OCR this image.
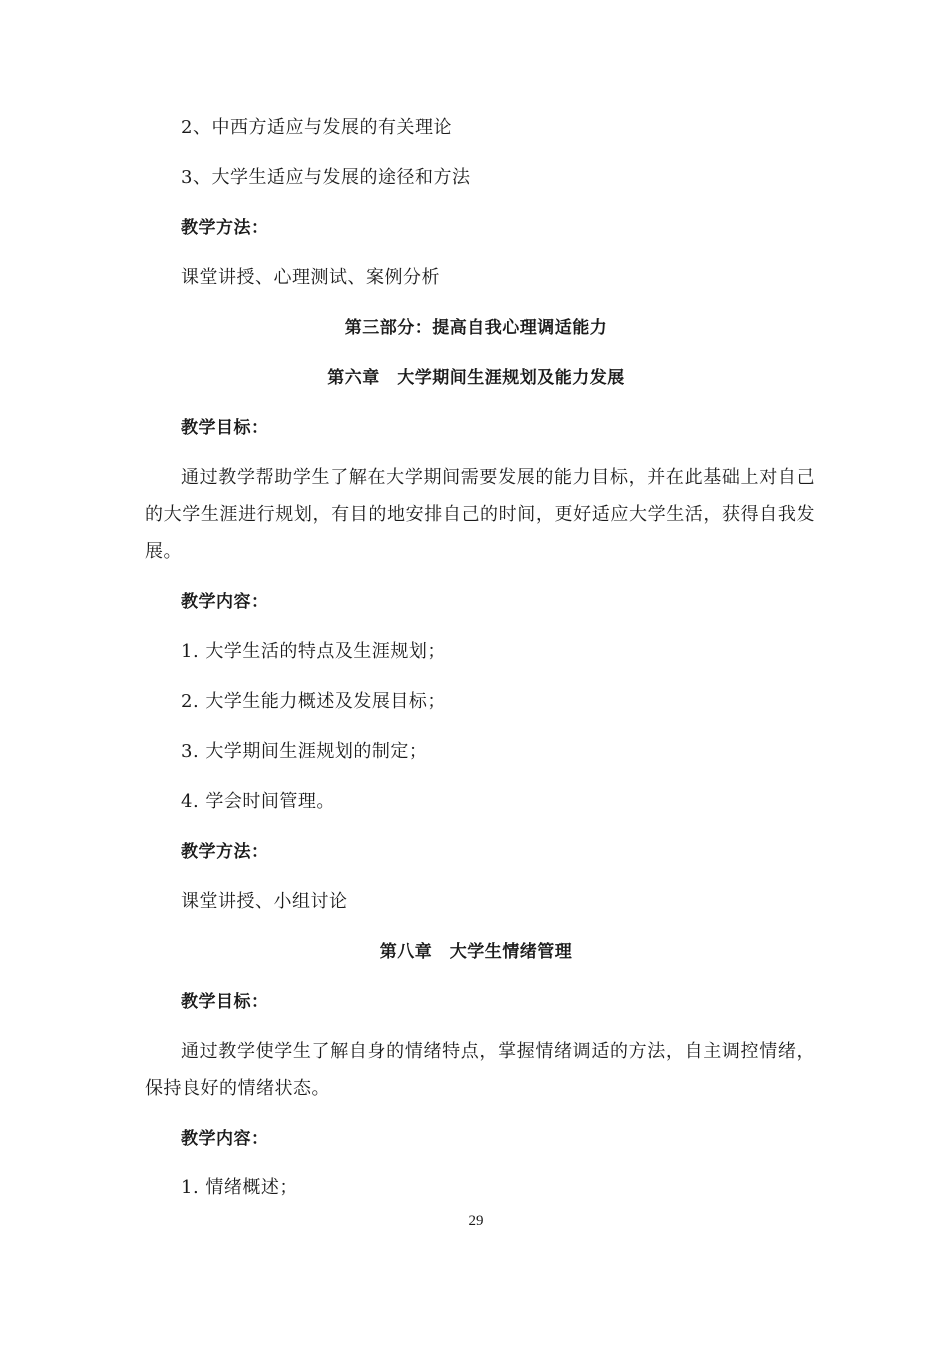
2、中西方适应与发展的有关理论
3、大学生适应与发展的途径和方法
教学方法：
课堂讲授、心理测试、案例分析
第三部分：提高自我心理调适能力
第六章　大学期间生涯规划及能力发展
教学目标：
通过教学帮助学生了解在大学期间需要发展的能力目标，并在此基础上对自己的大学生涯进行规划，有目的地安排自己的时间，更好适应大学生活，获得自我发展。
教学内容：
1. 大学生活的特点及生涯规划；
2. 大学生能力概述及发展目标；
3. 大学期间生涯规划的制定；
4. 学会时间管理。
教学方法：
课堂讲授、小组讨论
第八章　大学生情绪管理
教学目标：
通过教学使学生了解自身的情绪特点，掌握情绪调适的方法，自主调控情绪，保持良好的情绪状态。
教学内容：
1. 情绪概述；
29
